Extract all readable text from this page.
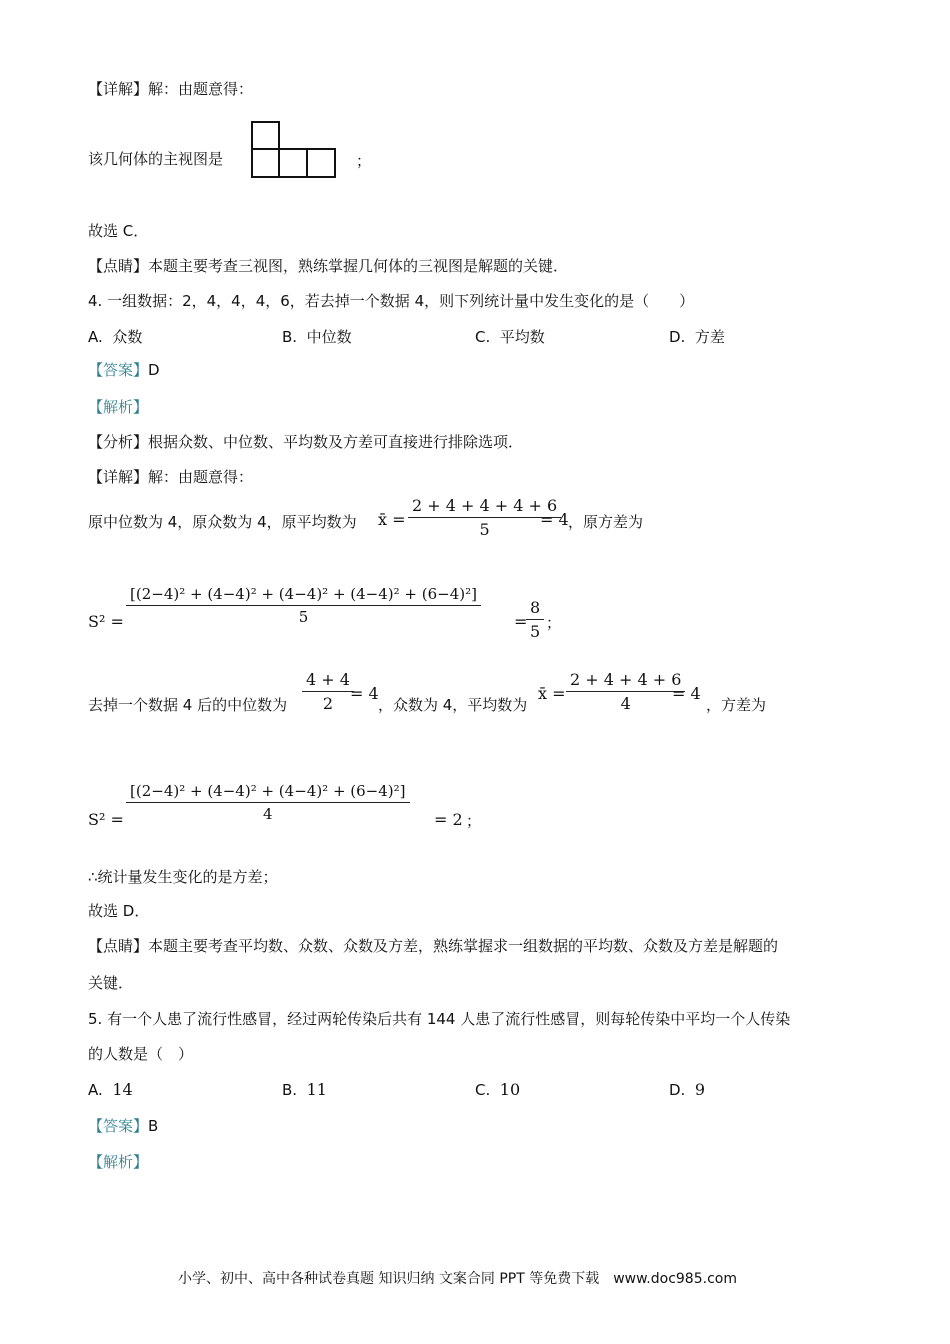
【详解】解：由题意得：
该几何体的主视图是	；
故选 C．
【点睛】本题主要考查三视图，熟练掌握几何体的三视图是解题的关键．
4. 一组数据：2，4，4，4，6，若去掉一个数据 4，则下列统计量中发生变化的是（　　）
A. 众数	B. 中位数	C. 平均数	D. 方差
【答案】D
【解析】
【分析】根据众数、中位数、平均数及方差可直接进行排除选项．
【详解】解：由题意得：
原中位数为 4，原众数为 4，原平均数为 x̄ = $\frac{2 + 4 + 4 + 4 + 6}{5}$
= 4 ，原方差为
$S^2 = \frac{\text{[(2−4)² + (4−4)² + (4−4)² + (4−4)² + (6−4)²]}}{5}$ =
$\frac{8}{5}$ ；
去掉一个数据 4 后的中位数为 $\frac{4 + 4}{2}$
= 4
，众数为 4，平均数为
x̄ = $\frac{2 + 4 + 4 + 6}{4}$
= 4
，方差为
$S^2 = \frac{\text{[(2−4)² + (4−4)² + (4−4)² + (6−4)²]}}{4} = 2$ ；
∴统计量发生变化的是方差；
故选 D．
【点睛】本题主要考查平均数、众数、众数及方差，熟练掌握求一组数据的平均数、众数及方差是解题的
关键．
5. 有一个人患了流行性感冒，经过两轮传染后共有 144 人患了流行性感冒，则每轮传染中平均一个人传染
的人数是（　）
A. 14	B. 11	C. 10	D. 9
【答案】B
【解析】
小学、初中、高中各种试卷真题 知识归纳 文案合同 PPT 等免费下载　www.doc985.com
